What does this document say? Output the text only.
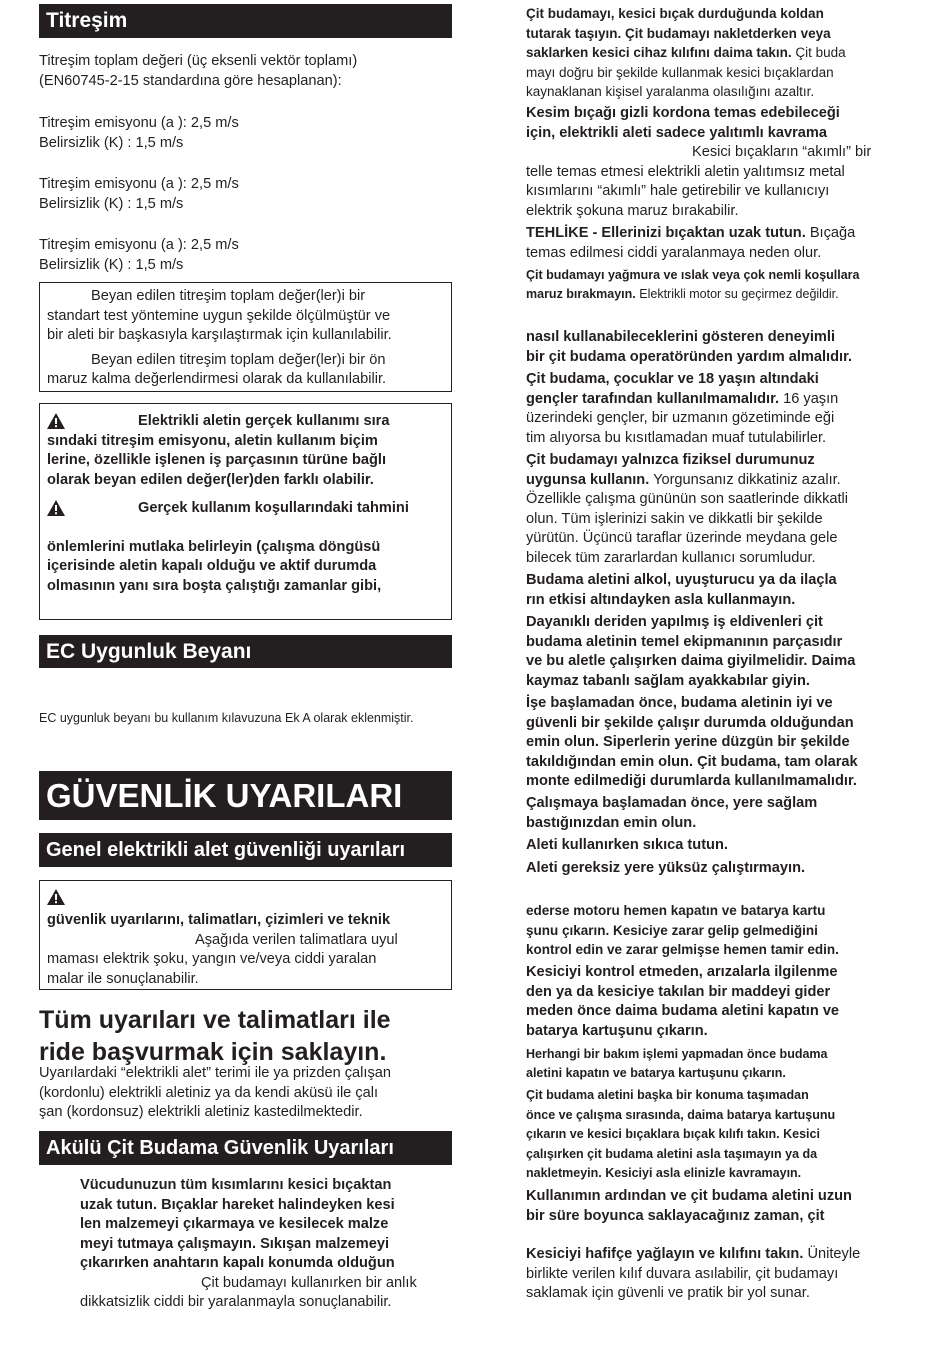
Titreşim

Titreşim toplam değeri (üç eksenli vektör toplamı)

(EN60745-2-15 standardına göre hesaplanan):

Titreşim emisyonu (a ): 2,5 m/s

Belirsizlik (K) : 1,5 m/s

Titreşim emisyonu (a ): 2,5 m/s

Belirsizlik (K) : 1,5 m/s

Titreşim emisyonu (a ): 2,5 m/s

Belirsizlik (K) : 1,5 m/s

Beyan edilen titreşim toplam değer(ler)i bir

standart test yöntemine uygun şekilde ölçülmüştür ve

bir aleti bir başkasıyla karşılaştırmak için kullanılabilir.

Beyan edilen titreşim toplam değer(ler)i bir ön

maruz kalma değerlendirmesi olarak da kullanılabilir.

Elektrikli aletin gerçek kullanımı sıra

sındaki titreşim emisyonu, aletin kullanım biçim

lerine, özellikle işlenen iş parçasının türüne bağlı

olarak beyan edilen değer(ler)den farklı olabilir.

Gerçek kullanım koşullarındaki tahmini

önlemlerini mutlaka belirleyin (çalışma döngüsü

içerisinde aletin kapalı olduğu ve aktif durumda

olmasının yanı sıra boşta çalıştığı zamanlar gibi,

EC Uygunluk Beyanı
EC uygunluk beyanı bu kullanım kılavuzuna Ek A olarak eklenmiştir.
GÜVENLİK UYARILARI
Genel elektrikli alet güvenliği uyarıları

güvenlik uyarılarını, talimatları, çizimleri ve teknik

Aşağıda verilen talimatlara uyul

maması elektrik şoku, yangın ve/veya ciddi yaralan

malar ile sonuçlanabilir.

Tüm uyarıları ve talimatları ile

ride başvurmak için saklayın.

Uyarılardaki “elektrikli alet” terimi ile ya prizden çalışan

(kordonlu) elektrikli aletiniz ya da kendi aküsü ile çalı

şan (kordonsuz) elektrikli aletiniz kastedilmektedir.

Akülü Çit Budama Güvenlik Uyarıları

Vücudunuzun tüm kısımlarını kesici bıçaktan

uzak tutun. Bıçaklar hareket halindeyken kesi

len malzemeyi çıkarmaya ve kesilecek malze

meyi tutmaya çalışmayın. Sıkışan malzemeyi

çıkarırken anahtarın kapalı konumda olduğun

Çit budamayı kullanırken bir anlık

dikkatsizlik ciddi bir yaralanmayla sonuçlanabilir.

Çit budamayı, kesici bıçak durduğunda koldan

tutarak taşıyın. Çit budamayı nakletderken veya

saklarken kesici cihaz kılıfını daima takın. Çit buda

mayı doğru bir şekilde kullanmak kesici bıçaklardan

kaynaklanan kişisel yaralanma olasılığını azaltır.

Kesim bıçağı gizli kordona temas edebileceği

için, elektrikli aleti sadece yalıtımlı kavrama

Kesici bıçakların “akımlı” bir

telle temas etmesi elektrikli aletin yalıtımsız metal

kısımlarını “akımlı” hale getirebilir ve kullanıcıyı

elektrik şokuna maruz bırakabilir.

TEHLİKE - Ellerinizi bıçaktan uzak tutun. Bıçağa

temas edilmesi ciddi yaralanmaya neden olur.

Çit budamayı yağmura ve ıslak veya çok nemli koşullara

maruz bırakmayın. Elektrikli motor su geçirmez değildir.

nasıl kullanabileceklerini gösteren deneyimli

bir çit budama operatöründen yardım almalıdır.

Çit budama, çocuklar ve 18 yaşın altındaki

gençler tarafından kullanılmamalıdır. 16 yaşın

üzerindeki gençler, bir uzmanın gözetiminde eği

tim alıyorsa bu kısıtlamadan muaf tutulabilirler.

Çit budamayı yalnızca fiziksel durumunuz

uygunsa kullanın. Yorgunsanız dikkatiniz azalır.

Özellikle çalışma gününün son saatlerinde dikkatli

olun. Tüm işlerinizi sakin ve dikkatli bir şekilde

yürütün. Üçüncü taraflar üzerinde meydana gele

bilecek tüm zararlardan kullanıcı sorumludur.

Budama aletini alkol, uyuşturucu ya da ilaçla

rın etkisi altındayken asla kullanmayın.

Dayanıklı deriden yapılmış iş eldivenleri çit

budama aletinin temel ekipmanının parçasıdır

ve bu aletle çalışırken daima giyilmelidir. Daima

kaymaz tabanlı sağlam ayakkabılar giyin.

İşe başlamadan önce, budama aletinin iyi ve

güvenli bir şekilde çalışır durumda olduğundan

emin olun. Siperlerin yerine düzgün bir şekilde

takıldığından emin olun. Çit budama, tam olarak

monte edilmediği durumlarda kullanılmamalıdır.

Çalışmaya başlamadan önce, yere sağlam

bastığınızdan emin olun.

Aleti kullanırken sıkıca tutun.

Aleti gereksiz yere yüksüz çalıştırmayın.

ederse motoru hemen kapatın ve batarya kartu

şunu çıkarın. Kesiciye zarar gelip gelmediğini

kontrol edin ve zarar gelmişse hemen tamir edin.

Kesiciyi kontrol etmeden, arızalarla ilgilenme

den ya da kesiciye takılan bir maddeyi gider

meden önce daima budama aletini kapatın ve

batarya kartuşunu çıkarın.

Herhangi bir bakım işlemi yapmadan önce budama

aletini kapatın ve batarya kartuşunu çıkarın.

Çit budama aletini başka bir konuma taşımadan

önce ve çalışma sırasında, daima batarya kartuşunu

çıkarın ve kesici bıçaklara bıçak kılıfı takın. Kesici

çalışırken çit budama aletini asla taşımayın ya da

nakletmeyin. Kesiciyi asla elinizle kavramayın.

Kullanımın ardından ve çit budama aletini uzun

bir süre boyunca saklayacağınız zaman, çit

Kesiciyi hafifçe yağlayın ve kılıfını takın. Üniteyle

birlikte verilen kılıf duvara asılabilir, çit budamayı

saklamak için güvenli ve pratik bir yol sunar.
